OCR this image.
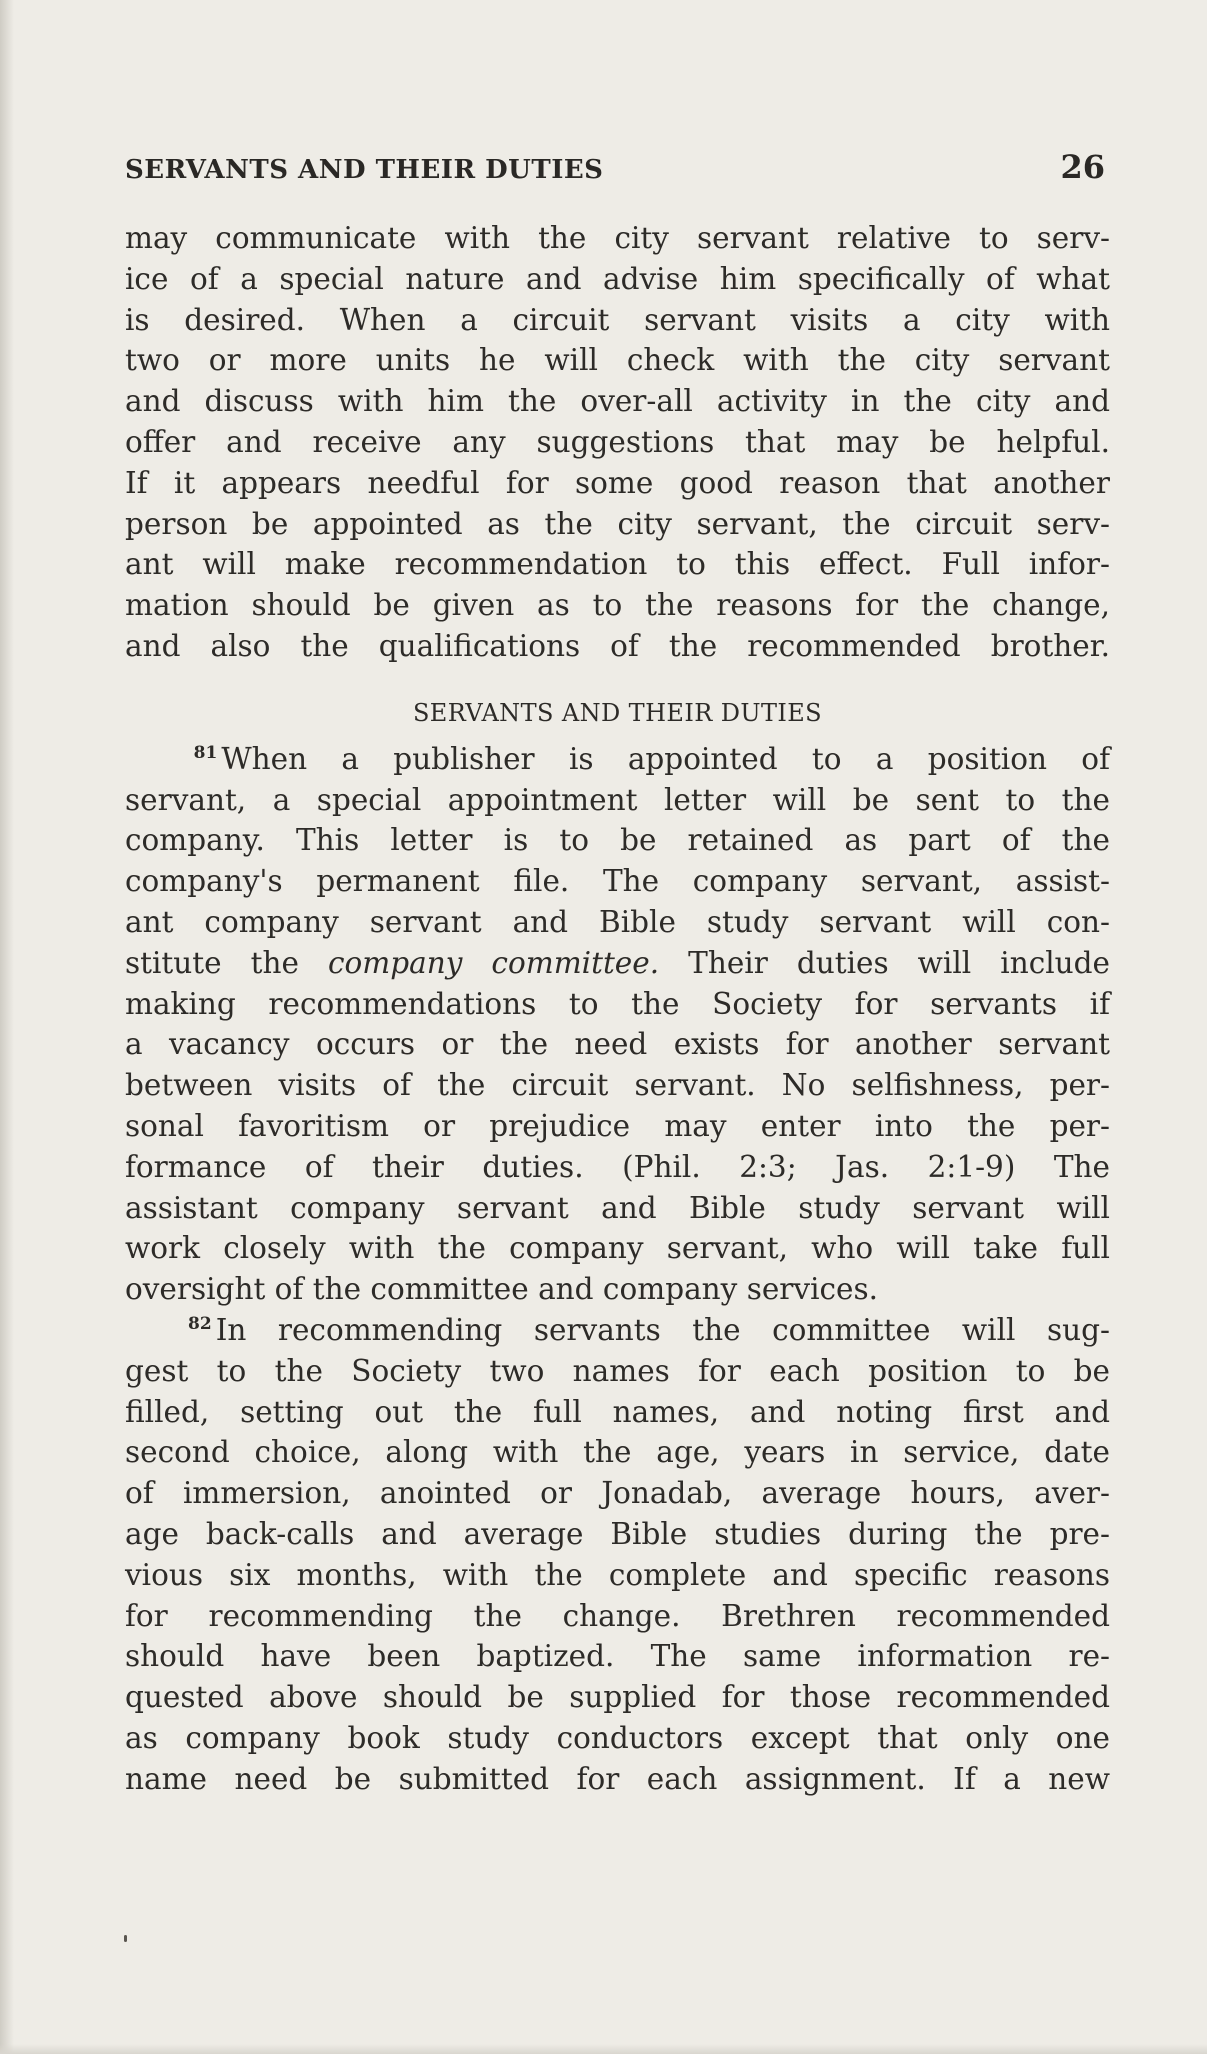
SERVANTS AND THEIR DUTIES	26
may communicate with the city servant relative to serv-
ice of a special nature and advise him specifically of what
is desired. When a circuit servant visits a city with
two or more units he will check with the city servant
and discuss with him the over-all activity in the city and
offer and receive any suggestions that may be helpful.
If it appears needful for some good reason that another
person be appointed as the city servant, the circuit serv-
ant will make recommendation to this effect. Full infor-
mation should be given as to the reasons for the change,
and also the qualifications of the recommended brother.
SERVANTS AND THEIR DUTIES
$^{81}$ When a publisher is appointed to a position of
servant, a special appointment letter will be sent to the
company. This letter is to be retained as part of the
company's permanent file. The company servant, assist-
ant company servant and Bible study servant will con-
stitute the company committee. Their duties will include
making recommendations to the Society for servants if
a vacancy occurs or the need exists for another servant
between visits of the circuit servant. No selfishness, per-
sonal favoritism or prejudice may enter into the per-
formance of their duties. (Phil. 2:3; Jas. 2:1-9) The
assistant company servant and Bible study servant will
work closely with the company servant, who will take full
oversight of the committee and company services.
$^{82}$ In recommending servants the committee will sug-
gest to the Society two names for each position to be
filled, setting out the full names, and noting first and
second choice, along with the age, years in service, date
of immersion, anointed or Jonadab, average hours, aver-
age back-calls and average Bible studies during the pre-
vious six months, with the complete and specific reasons
for recommending the change. Brethren recommended
should have been baptized. The same information re-
quested above should be supplied for those recommended
as company book study conductors except that only one
name need be submitted for each assignment. If a new
